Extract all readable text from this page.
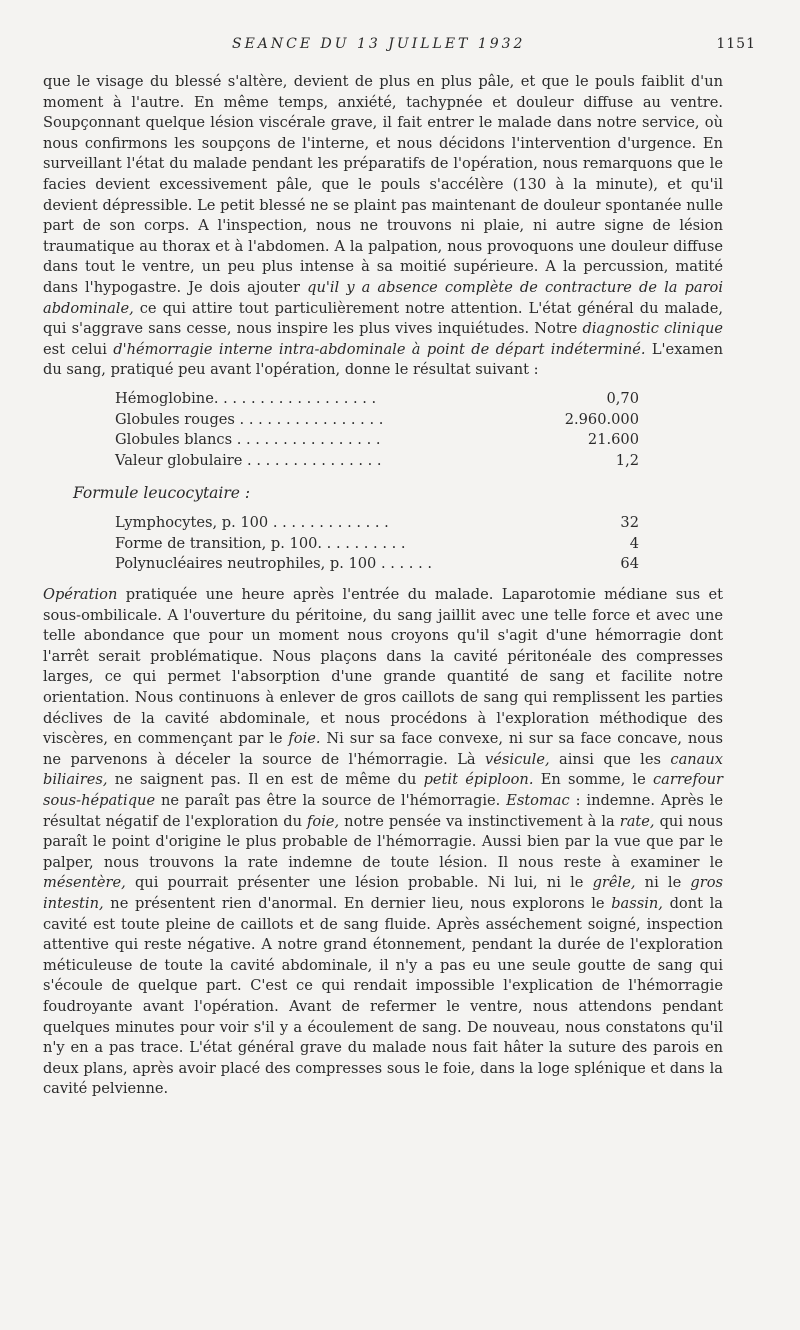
SEANCE DU 13 JUILLET 1932	1151

que le visage du blessé s'altère, devient de plus en plus pâle, et que le pouls faiblit d'un moment à l'autre. En même temps, anxiété, tachypnée et douleur diffuse au ventre. Soupçonnant quelque lésion viscérale grave, il fait entrer le malade dans notre service, où nous confirmons les soupçons de l'interne, et nous décidons l'intervention d'urgence. En surveillant l'état du malade pendant les préparatifs de l'opération, nous remarquons que le facies devient excessivement pâle, que le pouls s'accélère (130 à la minute), et qu'il devient dépressible. Le petit blessé ne se plaint pas maintenant de douleur spontanée nulle part de son corps. A l'inspection, nous ne trouvons ni plaie, ni autre signe de lésion traumatique au thorax et à l'abdomen. A la palpation, nous provoquons une douleur diffuse dans tout le ventre, un peu plus intense à sa moitié supérieure. A la percussion, matité dans l'hypogastre. Je dois ajouter qu'il y a absence complète de contracture de la paroi abdominale, ce qui attire tout particulièrement notre attention. L'état général du malade, qui s'aggrave sans cesse, nous inspire les plus vives inquiétudes. Notre diagnostic clinique est celui d'hémorragie interne intra-abdominale à point de départ indéterminé. L'examen du sang, pratiqué peu avant l'opération, donne le résultat suivant :

Hémoglobine. . . . . . . . . . . . . . . . . .	0,70
Globules rouges . . . . . . . . . . . . . . . .	2.960.000
Globules blancs . . . . . . . . . . . . . . . .	21.600
Valeur globulaire . . . . . . . . . . . . . . .	1,2
Formule leucocytaire :
Lymphocytes, p. 100 . . . . . . . . . . . . .	32
Forme de transition, p. 100. . . . . . . . . .	4
Polynucléaires neutrophiles, p. 100 . . . . . .	64

Opération pratiquée une heure après l'entrée du malade. Laparotomie médiane sus et sous-ombilicale. A l'ouverture du péritoine, du sang jaillit avec une telle force et avec une telle abondance que pour un moment nous croyons qu'il s'agit d'une hémorragie dont l'arrêt serait problématique. Nous plaçons dans la cavité péritonéale des compresses larges, ce qui permet l'absorption d'une grande quantité de sang et facilite notre orientation. Nous continuons à enlever de gros caillots de sang qui remplissent les parties déclives de la cavité abdominale, et nous procédons à l'exploration méthodique des viscères, en commençant par le foie. Ni sur sa face convexe, ni sur sa face concave, nous ne parvenons à déceler la source de l'hémorragie. Là vésicule, ainsi que les canaux biliaires, ne saignent pas. Il en est de même du petit épiploon. En somme, le carrefour sous-hépatique ne paraît pas être la source de l'hémorragie. Estomac : indemne. Après le résultat négatif de l'exploration du foie, notre pensée va instinctivement à la rate, qui nous paraît le point d'origine le plus probable de l'hémorragie. Aussi bien par la vue que par le palper, nous trouvons la rate indemne de toute lésion. Il nous reste à examiner le mésentère, qui pourrait présenter une lésion probable. Ni lui, ni le grêle, ni le gros intestin, ne présentent rien d'anormal. En dernier lieu, nous explorons le bassin, dont la cavité est toute pleine de caillots et de sang fluide. Après asséchement soigné, inspection attentive qui reste négative. A notre grand étonnement, pendant la durée de l'exploration méticuleuse de toute la cavité abdominale, il n'y a pas eu une seule goutte de sang qui s'écoule de quelque part. C'est ce qui rendait impossible l'explication de l'hémorragie foudroyante avant l'opération. Avant de refermer le ventre, nous attendons pendant quelques minutes pour voir s'il y a écoulement de sang. De nouveau, nous constatons qu'il n'y en a pas trace. L'état général grave du malade nous fait hâter la suture des parois en deux plans, après avoir placé des compresses sous le foie, dans la loge splénique et dans la cavité pelvienne.
